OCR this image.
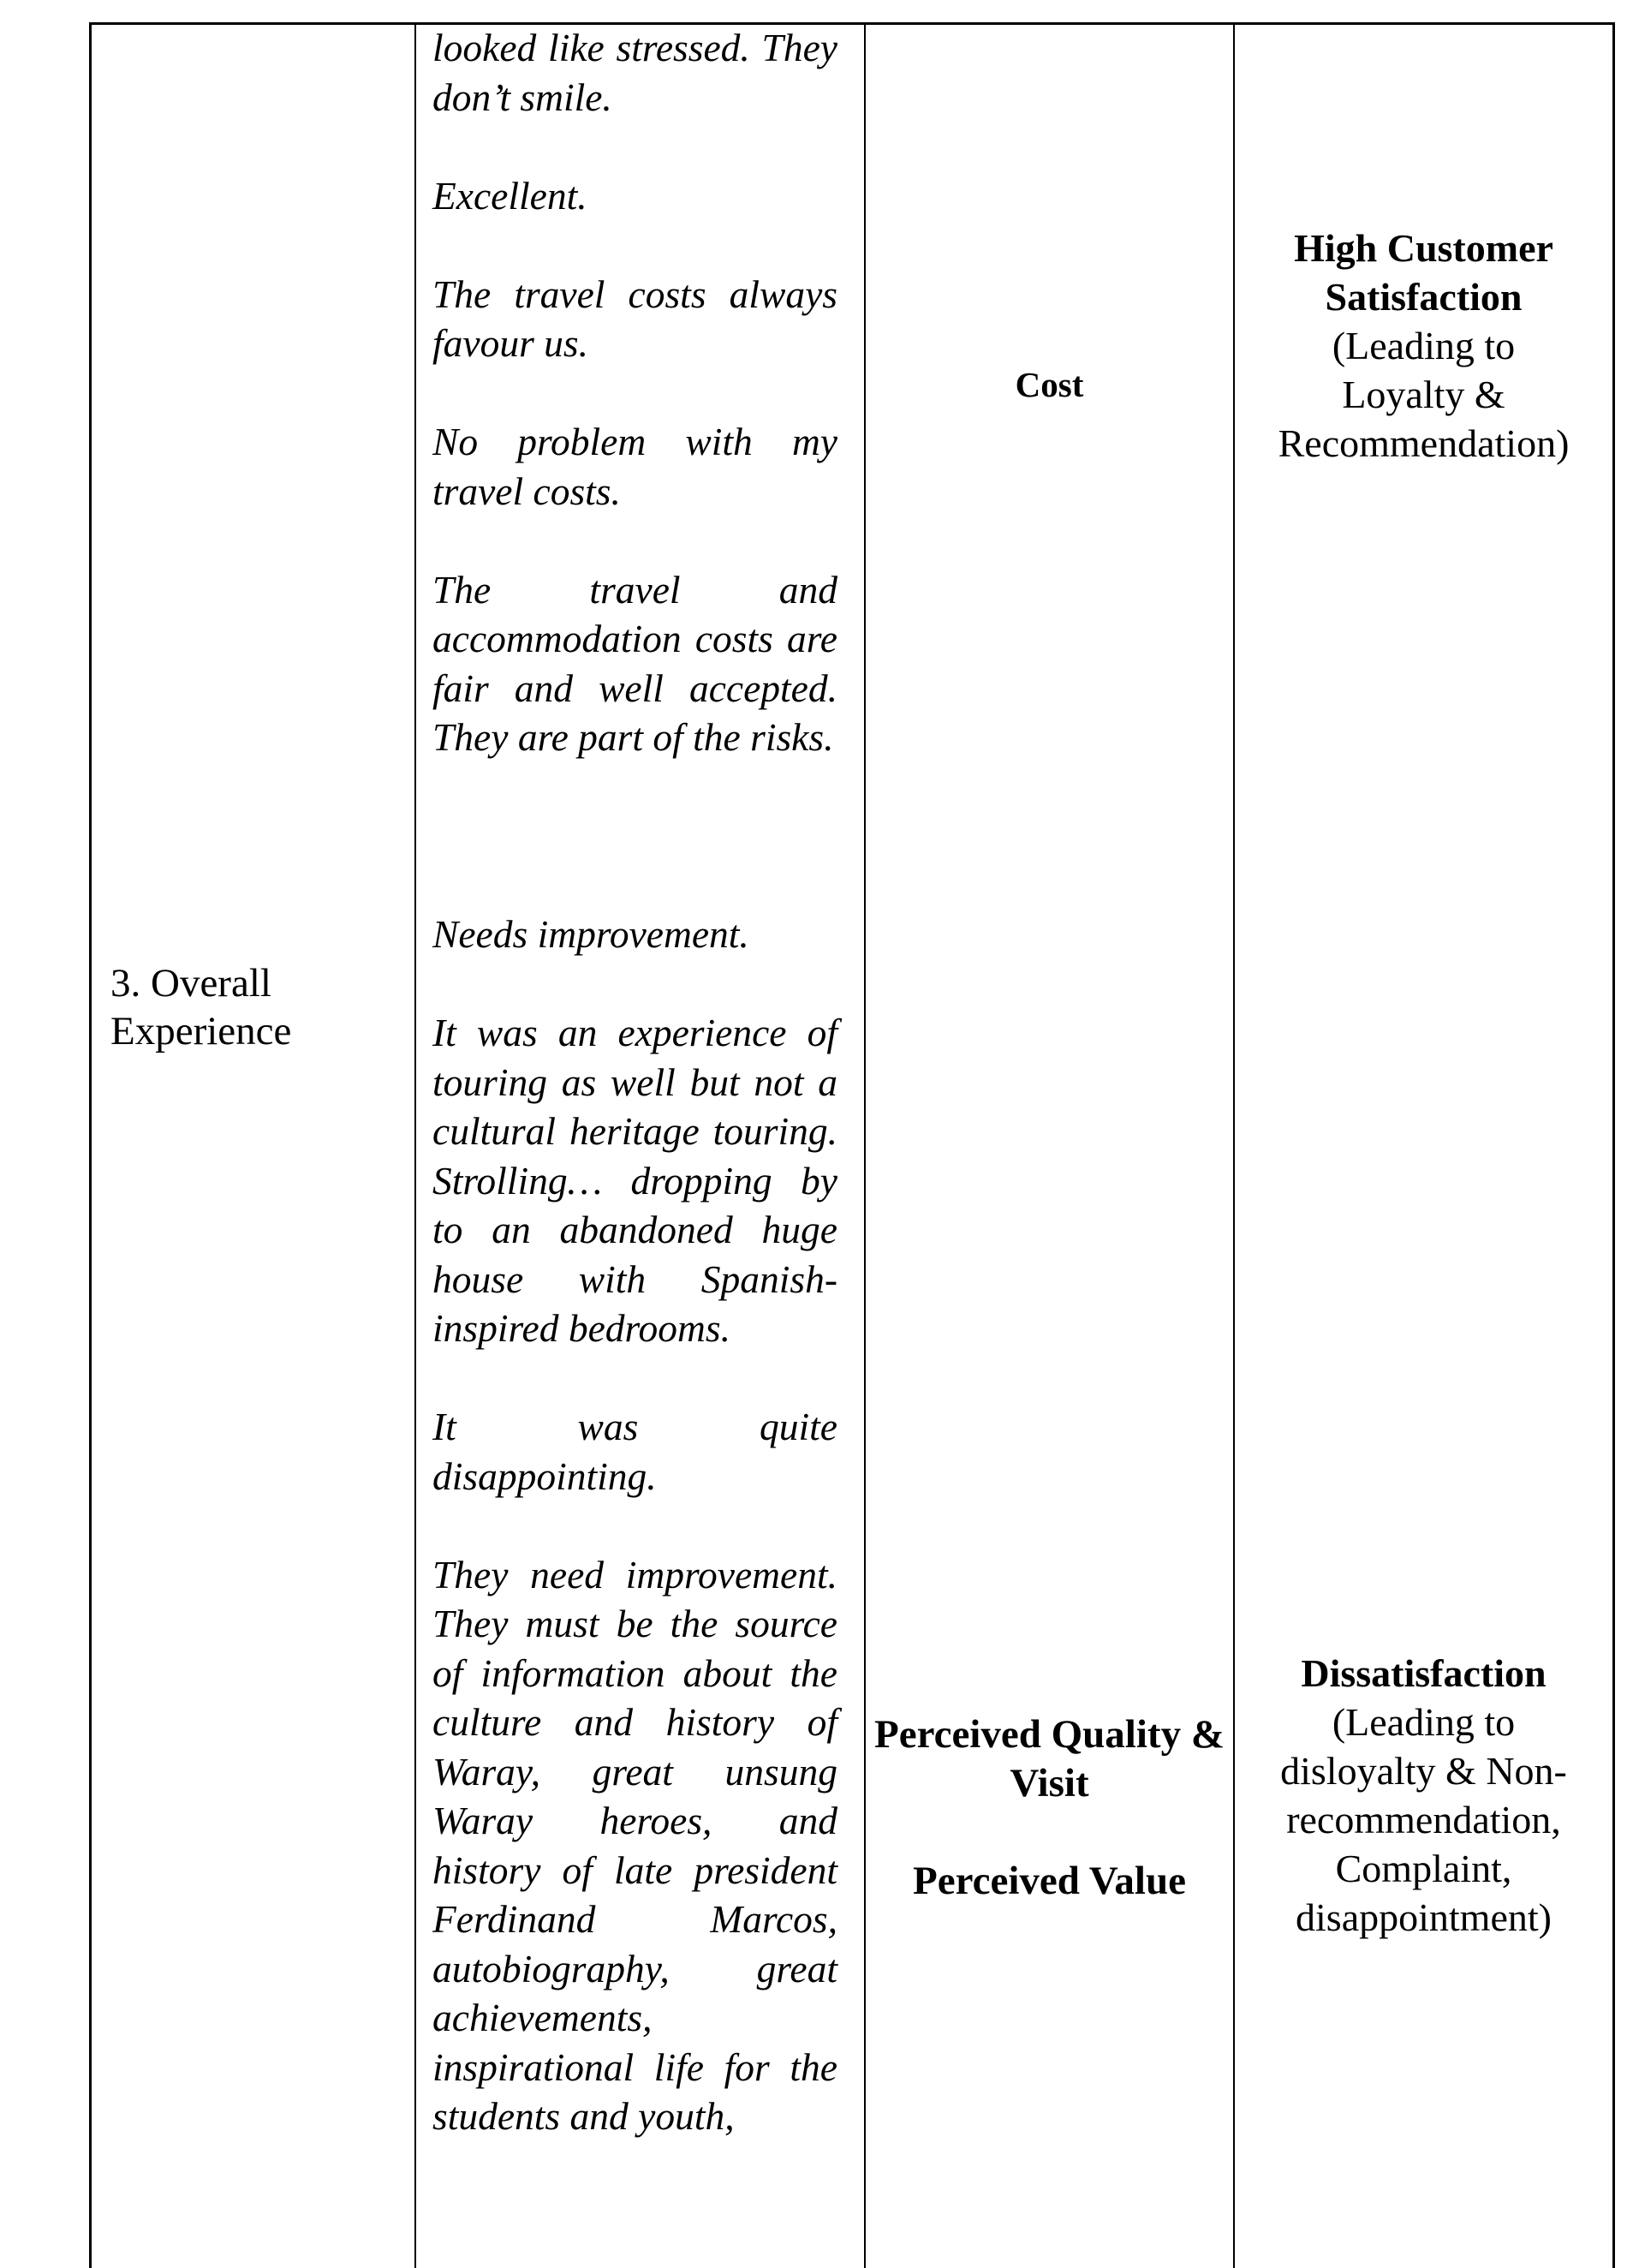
3. Overall Experience

looked like stressed. They don’t smile.

Excellent.

The travel costs always favour us.

No problem with my travel costs.

The travel and accommodation costs are fair and well accepted. They are part of the risks.

Needs improvement.

It was an experience of touring as well but not a cultural heritage touring. Strolling… dropping by to an abandoned huge house with Spanish-inspired bedrooms.

It was quite disappointing.

They need improvement. They must be the source of information about the culture and history of Waray, great unsung Waray heroes, and history of late president Ferdinand Marcos, autobiography, great achievements, inspirational life for the students and youth,

Cost
Perceived Quality & Visit
Perceived Value
High Customer Satisfaction
(Leading to
Loyalty &
Recommendation)
Dissatisfaction
(Leading to
disloyalty & Non-
recommendation,
Complaint,
disappointment)
